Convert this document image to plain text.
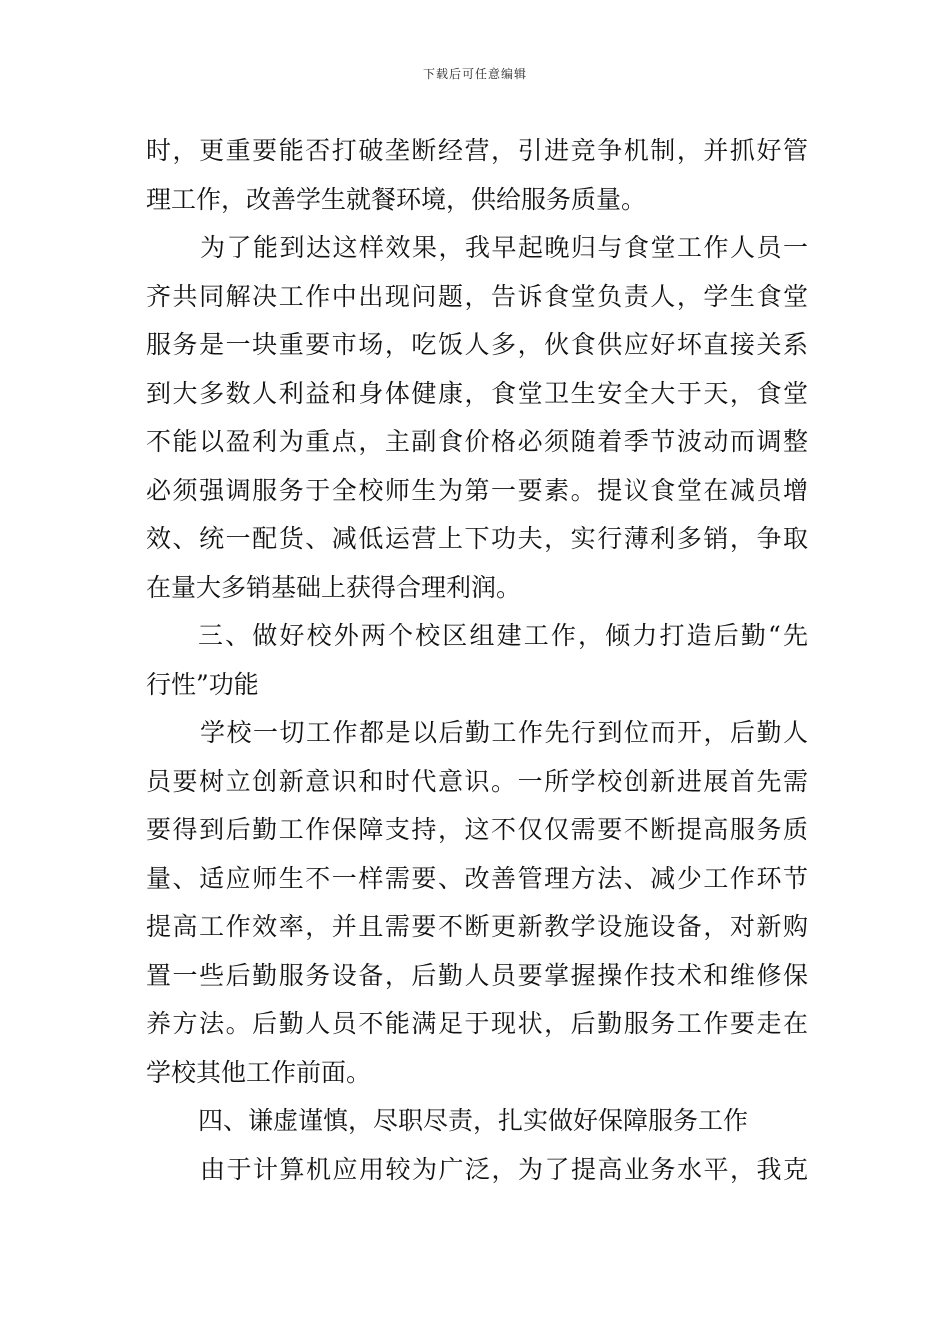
下载后可任意编辑
时，更重要能否打破垄断经营，引进竞争机制，并抓好管
理工作，改善学生就餐环境，供给服务质量。
为了能到达这样效果，我早起晚归与食堂工作人员一
齐共同解决工作中出现问题，告诉食堂负责人，学生食堂
服务是一块重要市场，吃饭人多，伙食供应好坏直接关系
到大多数人利益和身体健康，食堂卫生安全大于天，食堂
不能以盈利为重点，主副食价格必须随着季节波动而调整
必须强调服务于全校师生为第一要素。提议食堂在减员增
效、统一配货、减低运营上下功夫，实行薄利多销，争取
在量大多销基础上获得合理利润。
三、做好校外两个校区组建工作，倾力打造后勤“先
行性”功能
学校一切工作都是以后勤工作先行到位而开，后勤人
员要树立创新意识和时代意识。一所学校创新进展首先需
要得到后勤工作保障支持，这不仅仅需要不断提高服务质
量、适应师生不一样需要、改善管理方法、减少工作环节
提高工作效率，并且需要不断更新教学设施设备，对新购
置一些后勤服务设备，后勤人员要掌握操作技术和维修保
养方法。后勤人员不能满足于现状，后勤服务工作要走在
学校其他工作前面。
四、谦虚谨慎，尽职尽责，扎实做好保障服务工作
由于计算机应用较为广泛，为了提高业务水平，我克
